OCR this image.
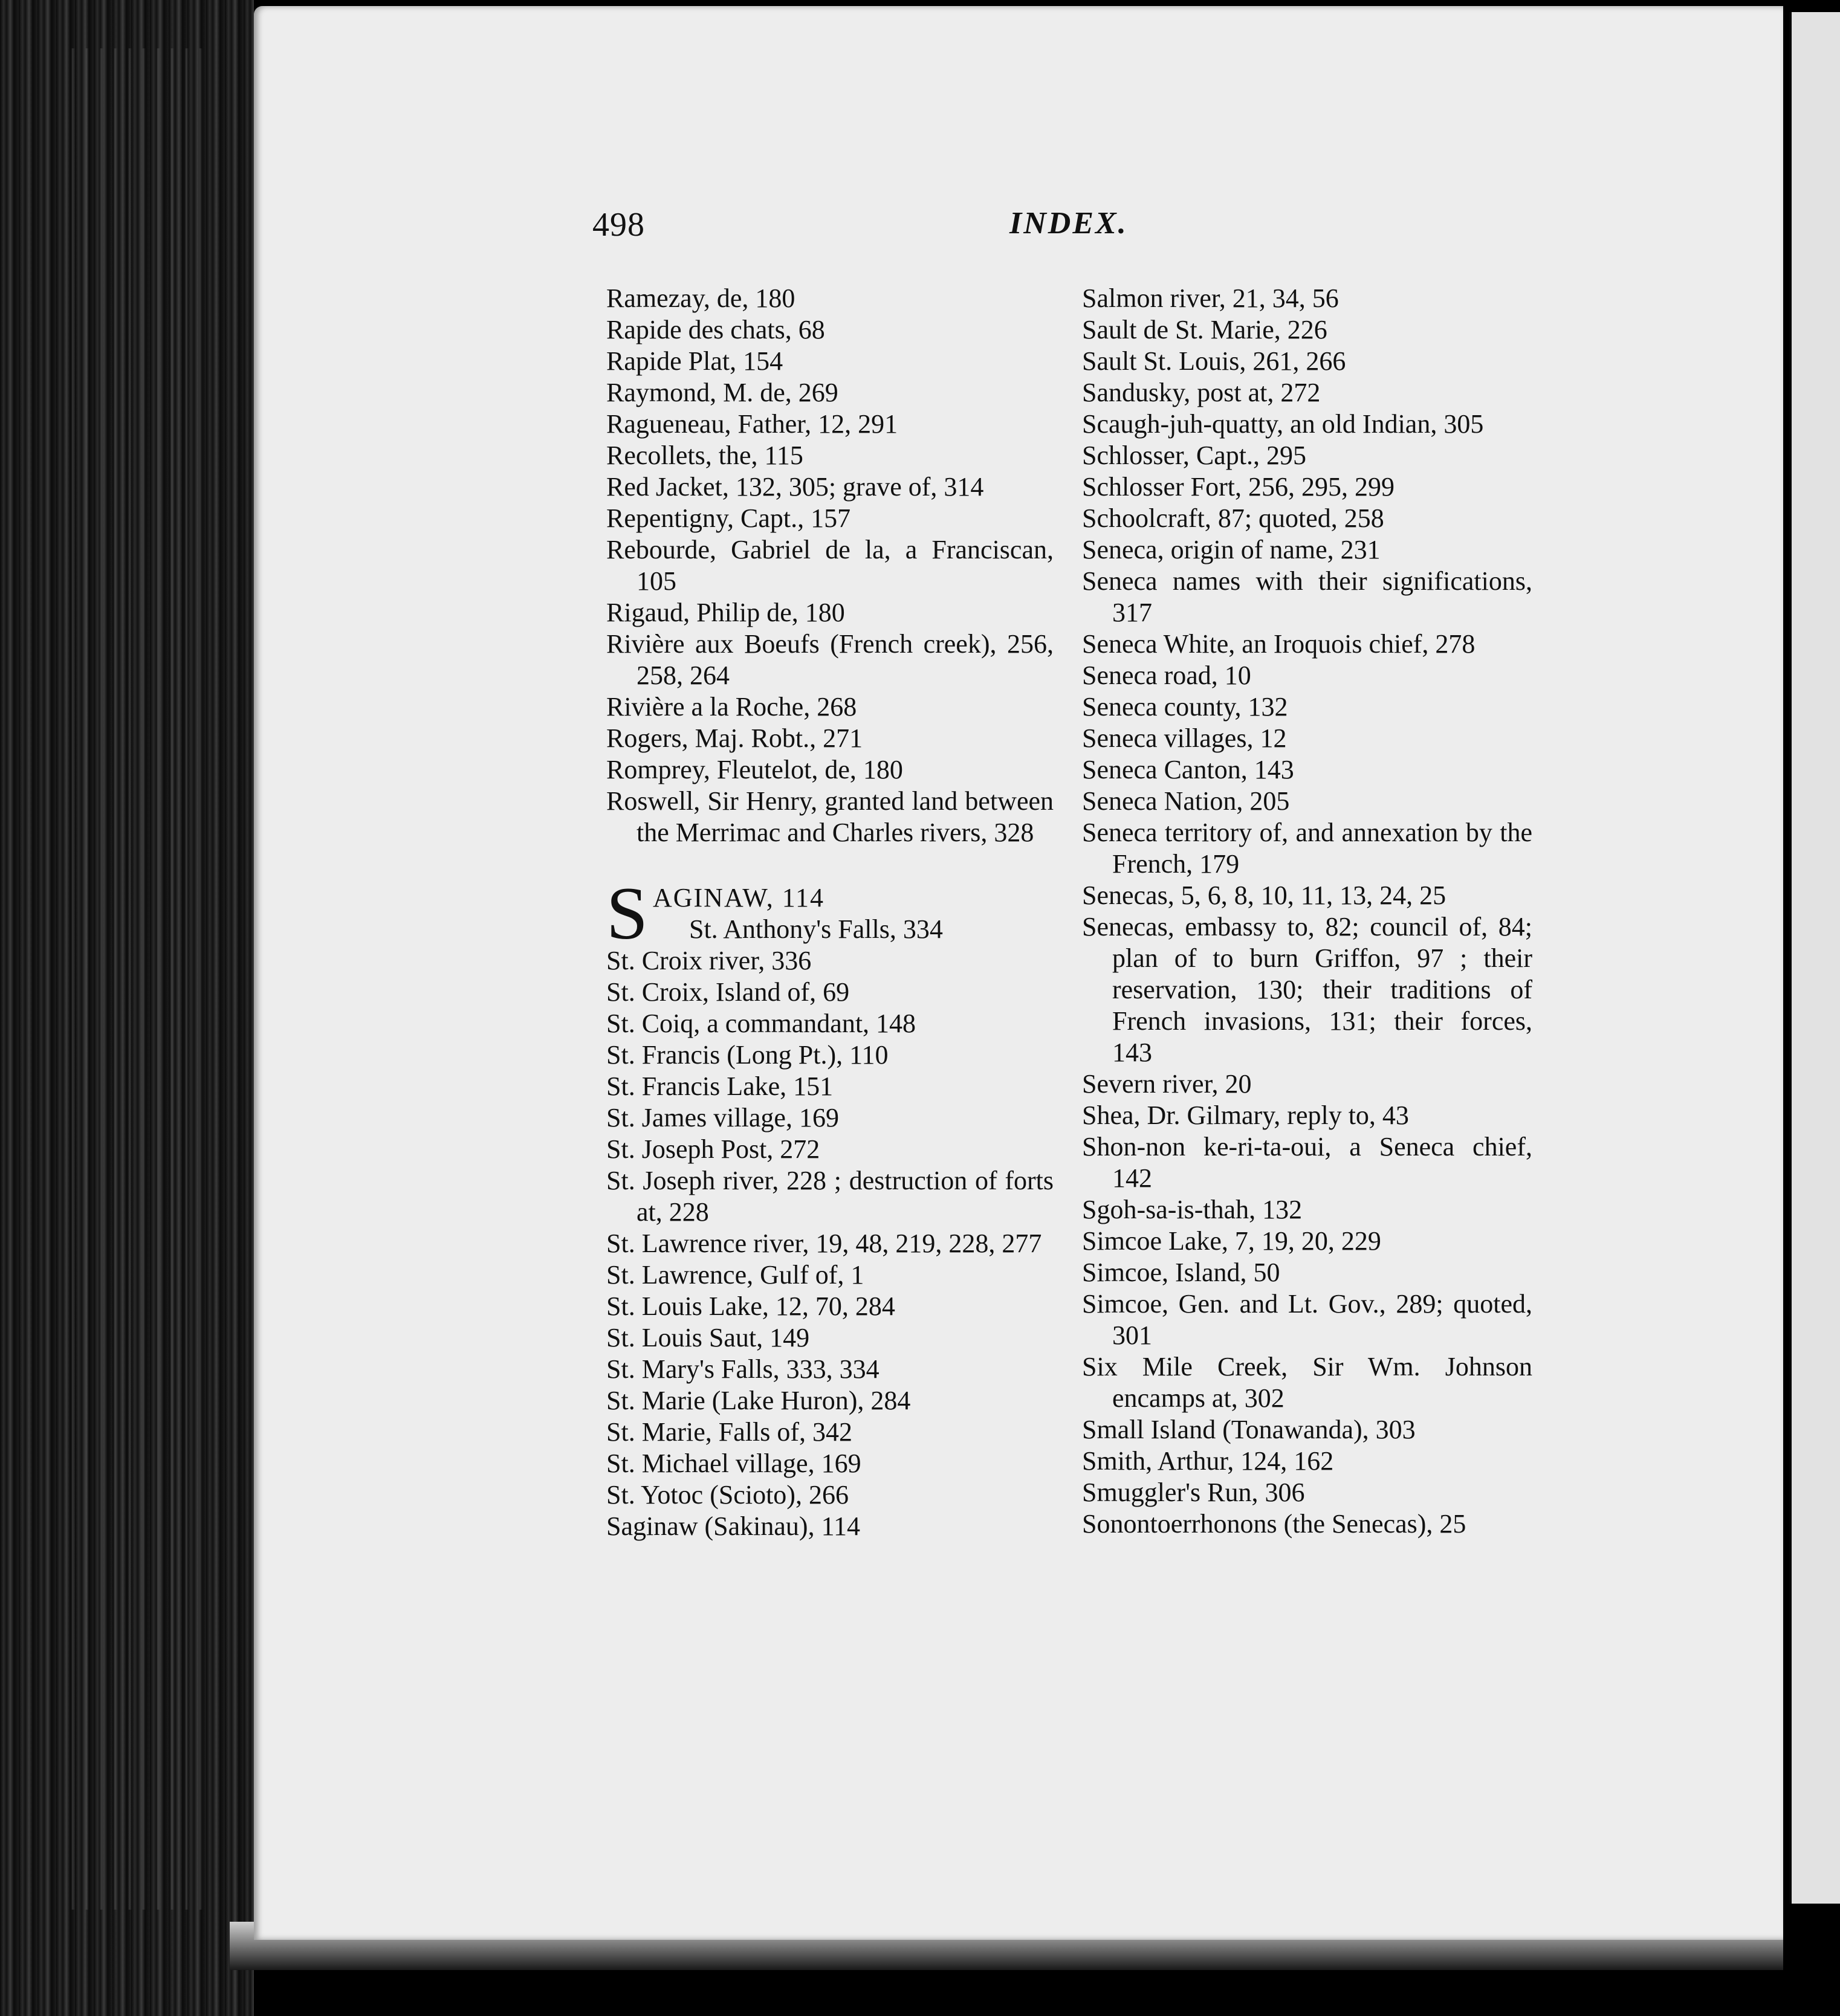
498	INDEX.

Ramezay, de, 180

Rapide des chats, 68

Rapide Plat, 154

Raymond, M. de, 269

Ragueneau, Father, 12, 291

Recollets, the, 115

Red Jacket, 132, 305; grave of, 314

Repentigny, Capt., 157

Rebourde, Gabriel de la, a Franciscan, 105

Rigaud, Philip de, 180

Rivière aux Boeufs (French creek), 256, 258, 264

Rivière a la Roche, 268

Rogers, Maj. Robt., 271

Romprey, Fleutelot, de, 180

Roswell, Sir Henry, granted land between the Merrimac and Charles rivers, 328

S AGINAW, 114
St. Anthony's Falls, 334

St. Croix river, 336

St. Croix, Island of, 69

St. Coiq, a commandant, 148

St. Francis (Long Pt.), 110

St. Francis Lake, 151

St. James village, 169

St. Joseph Post, 272

St. Joseph river, 228 ; destruction of forts at, 228

St. Lawrence river, 19, 48, 219, 228, 277

St. Lawrence, Gulf of, 1

St. Louis Lake, 12, 70, 284

St. Louis Saut, 149

St. Mary's Falls, 333, 334

St. Marie (Lake Huron), 284

St. Marie, Falls of, 342

St. Michael village, 169

St. Yotoc (Scioto), 266

Saginaw (Sakinau), 114

Salmon river, 21, 34, 56

Sault de St. Marie, 226

Sault St. Louis, 261, 266

Sandusky, post at, 272

Scaugh-juh-quatty, an old Indian, 305

Schlosser, Capt., 295

Schlosser Fort, 256, 295, 299

Schoolcraft, 87; quoted, 258

Seneca, origin of name, 231

Seneca names with their significations, 317

Seneca White, an Iroquois chief, 278

Seneca road, 10

Seneca county, 132

Seneca villages, 12

Seneca Canton, 143

Seneca Nation, 205

Seneca territory of, and annexation by the French, 179

Senecas, 5, 6, 8, 10, 11, 13, 24, 25

Senecas, embassy to, 82; council of, 84; plan of to burn Griffon, 97 ; their reservation, 130; their traditions of French invasions, 131; their forces, 143

Severn river, 20

Shea, Dr. Gilmary, reply to, 43

Shon-non ke-ri-ta-oui, a Seneca chief, 142

Sgoh-sa-is-thah, 132

Simcoe Lake, 7, 19, 20, 229

Simcoe, Island, 50

Simcoe, Gen. and Lt. Gov., 289; quoted, 301

Six Mile Creek, Sir Wm. Johnson encamps at, 302

Small Island (Tonawanda), 303

Smith, Arthur, 124, 162

Smuggler's Run, 306

Sonontoerrhonons (the Senecas), 25
